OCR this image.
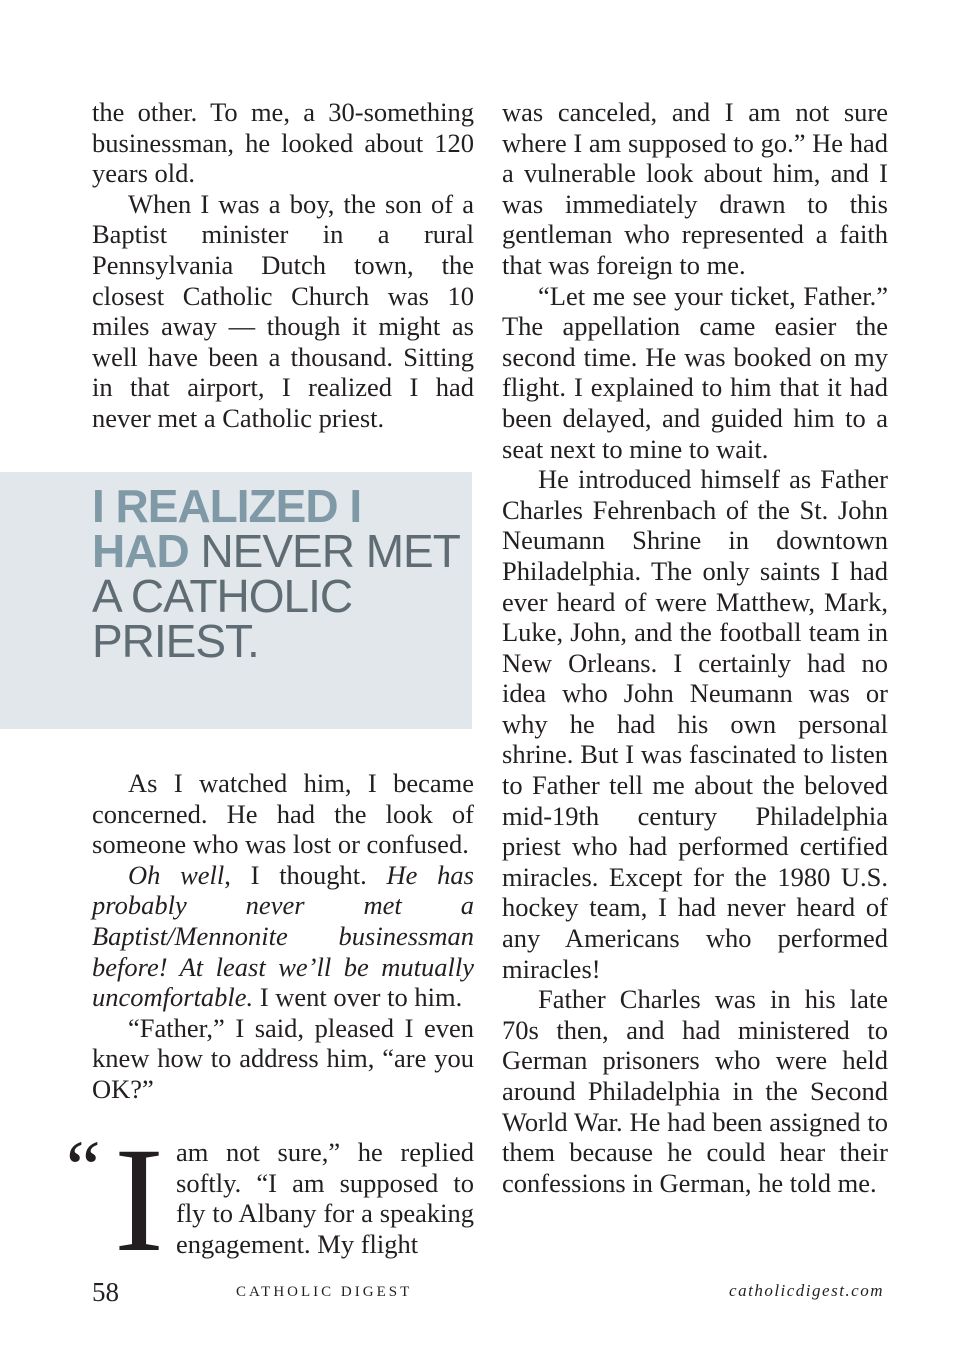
the other. To me, a 30-something businessman, he looked about 120 years old.

When I was a boy, the son of a Baptist minister in a rural Pennsylvania Dutch town, the closest Catholic Church was 10 miles away — though it might as well have been a thousand. Sitting in that airport, I realized I had never met a Catholic priest.

I REALIZED I HAD NEVER MET A CATHOLIC PRIEST.

As I watched him, I became concerned. He had the look of someone who was lost or confused.

Oh well, I thought. He has probably never met a Baptist/Mennonite businessman before! At least we’ll be mutually uncomfortable. I went over to him.

“Father,” I said, pleased I even knew how to address him, “are you OK?”

“ I am not sure,” he replied softly. “I am supposed to fly to Albany for a speaking engagement. My flight

was canceled, and I am not sure where I am supposed to go.” He had a vulnerable look about him, and I was immediately drawn to this gentleman who represented a faith that was foreign to me.

“Let me see your ticket, Father.” The appellation came easier the second time. He was booked on my flight. I explained to him that it had been delayed, and guided him to a seat next to mine to wait.

He introduced himself as Father Charles Fehrenbach of the St. John Neumann Shrine in downtown Philadelphia. The only saints I had ever heard of were Matthew, Mark, Luke, John, and the football team in New Orleans. I certainly had no idea who John Neumann was or why he had his own personal shrine. But I was fascinated to listen to Father tell me about the beloved mid-19th century Philadelphia priest who had performed certified miracles. Except for the 1980 U.S. hockey team, I had never heard of any Americans who performed miracles!

Father Charles was in his late 70s then, and had ministered to German prisoners who were held around Philadelphia in the Second World War. He had been assigned to them because he could hear their confessions in German, he told me.

58	CATHOLIC DIGEST	catholicdigest.com
